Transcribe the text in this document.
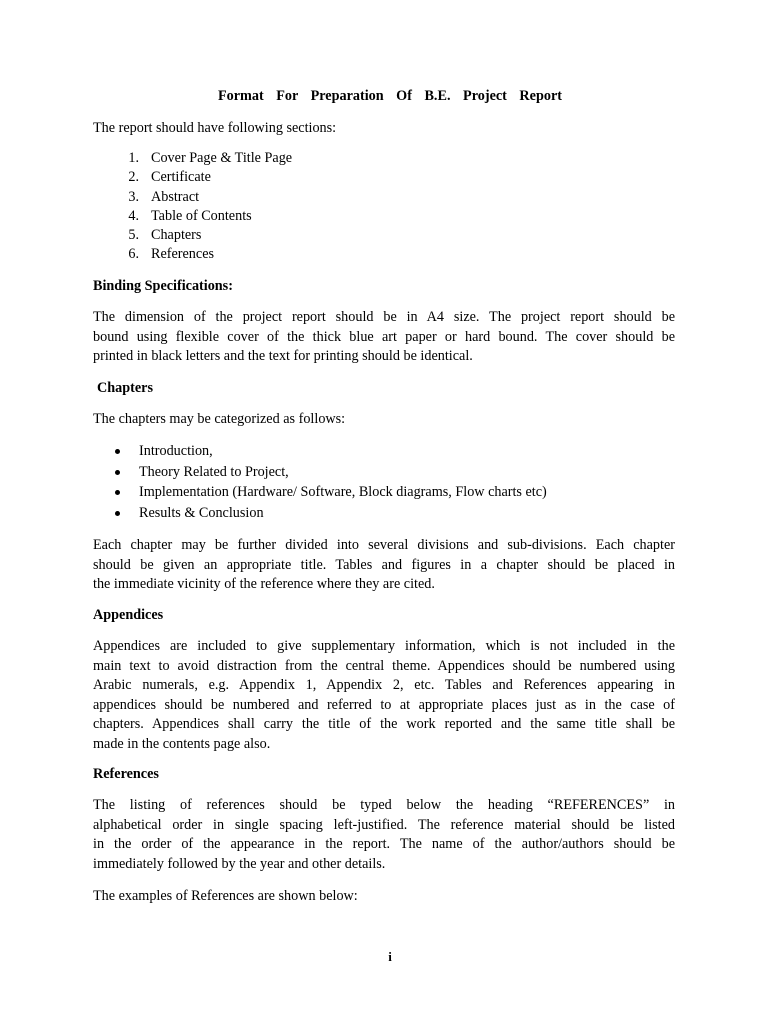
Format For Preparation Of B.E. Project Report

The report should have following sections:

1. Cover Page & Title Page
2. Certificate
3. Abstract
4. Table of Contents
5. Chapters
6. References

Binding Specifications:

The dimension of the project report should be in A4 size. The project report should be
bound using flexible cover of the thick blue art paper or hard bound. The cover should be
printed in black letters and the text for printing should be identical.

Chapters

The chapters may be categorized as follows:

Introduction,
Theory Related to Project,
Implementation (Hardware/ Software, Block diagrams, Flow charts etc)
Results & Conclusion
Each chapter may be further divided into several divisions and sub-divisions. Each chapter
should be given an appropriate title. Tables and figures in a chapter should be placed in
the immediate vicinity of the reference where they are cited.

Appendices

Appendices are included to give supplementary information, which is not included in the
main text to avoid distraction from the central theme. Appendices should be numbered using
Arabic numerals, e.g. Appendix 1, Appendix 2, etc. Tables and References appearing in
appendices should be numbered and referred to at appropriate places just as in the case of
chapters. Appendices shall carry the title of the work reported and the same title shall be
made in the contents page also.

References

The listing of references should be typed below the heading “REFERENCES” in
alphabetical order in single spacing left-justified. The reference material should be listed
in the order of the appearance in the report. The name of the author/authors should be
immediately followed by the year and other details.

The examples of References are shown below:

i
